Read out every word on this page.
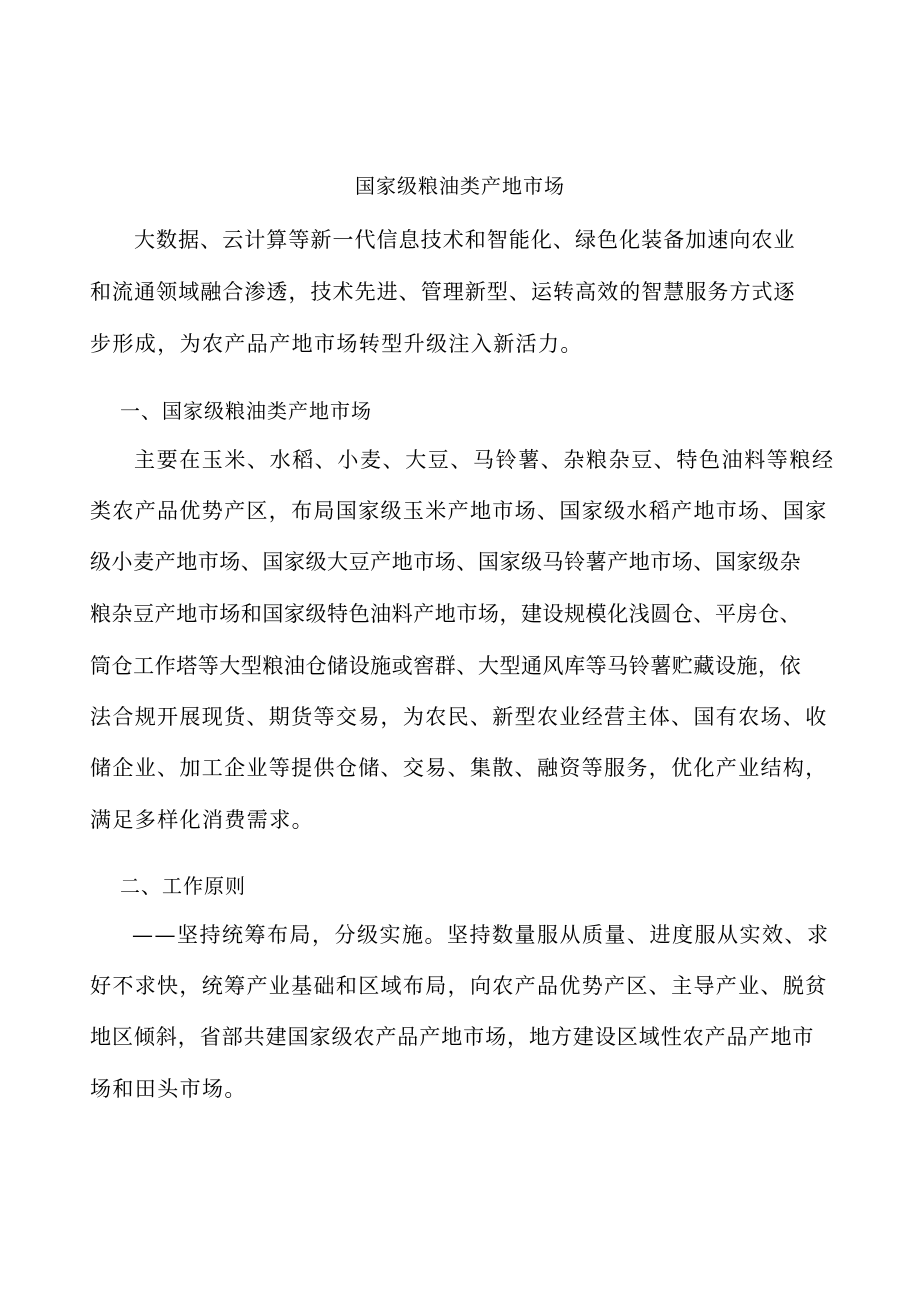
国家级粮油类产地市场
大数据、云计算等新一代信息技术和智能化、绿色化装备加速向农业
和流通领域融合渗透，技术先进、管理新型、运转高效的智慧服务方式逐
步形成，为农产品产地市场转型升级注入新活力。
一、国家级粮油类产地市场
主要在玉米、水稻、小麦、大豆、马铃薯、杂粮杂豆、特色油料等粮经
类农产品优势产区，布局国家级玉米产地市场、国家级水稻产地市场、国家
级小麦产地市场、国家级大豆产地市场、国家级马铃薯产地市场、国家级杂
粮杂豆产地市场和国家级特色油料产地市场，建设规模化浅圆仓、平房仓、
筒仓工作塔等大型粮油仓储设施或窖群、大型通风库等马铃薯贮藏设施，依
法合规开展现货、期货等交易，为农民、新型农业经营主体、国有农场、收
储企业、加工企业等提供仓储、交易、集散、融资等服务，优化产业结构，
满足多样化消费需求。
二、工作原则
——坚持统筹布局，分级实施。坚持数量服从质量、进度服从实效、求
好不求快，统筹产业基础和区域布局，向农产品优势产区、主导产业、脱贫
地区倾斜，省部共建国家级农产品产地市场，地方建设区域性农产品产地市
场和田头市场。
